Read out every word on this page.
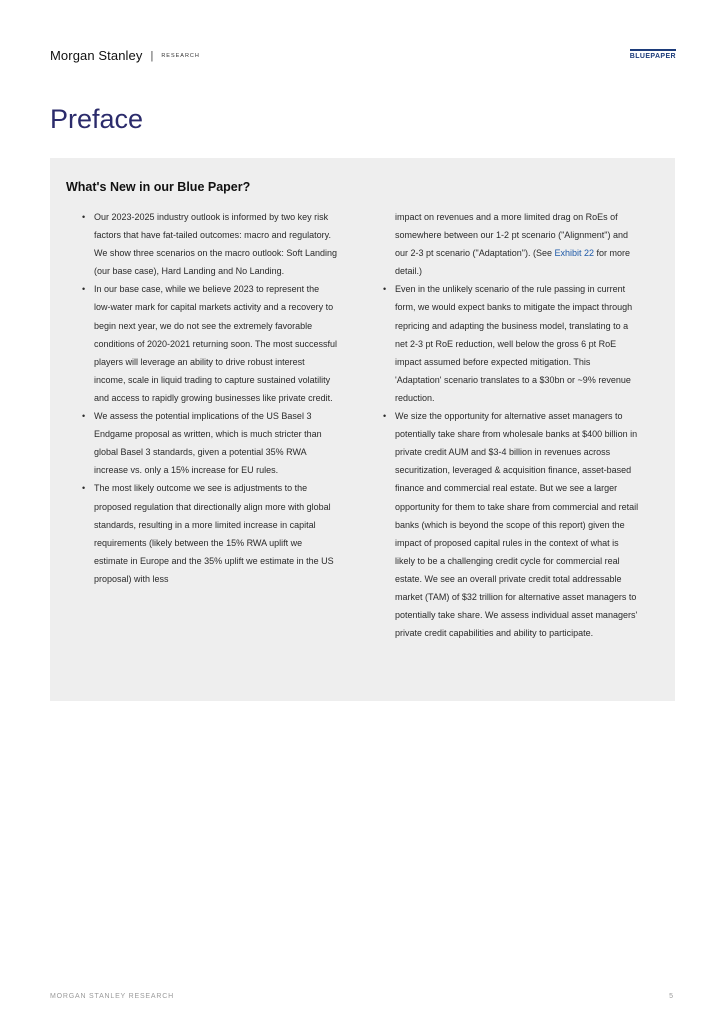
Morgan Stanley | RESEARCH	BLUEPAPER
Preface
What's New in our Blue Paper?
• Our 2023-2025 industry outlook is informed by two key risk factors that have fat-tailed outcomes: macro and regulatory. We show three scenarios on the macro outlook: Soft Landing (our base case), Hard Landing and No Landing.
• In our base case, while we believe 2023 to represent the low-water mark for capital markets activity and a recovery to begin next year, we do not see the extremely favorable conditions of 2020-2021 returning soon. The most successful players will leverage an ability to drive robust interest income, scale in liquid trading to capture sustained volatility and access to rapidly growing businesses like private credit.
• We assess the potential implications of the US Basel 3 Endgame proposal as written, which is much stricter than global Basel 3 standards, given a potential 35% RWA increase vs. only a 15% increase for EU rules.
• The most likely outcome we see is adjustments to the proposed regulation that directionally align more with global standards, resulting in a more limited increase in capital requirements (likely between the 15% RWA uplift we estimate in Europe and the 35% uplift we estimate in the US proposal) with less
impact on revenues and a more limited drag on RoEs of somewhere between our 1-2 pt scenario ("Alignment") and our 2-3 pt scenario ("Adaptation"). (See Exhibit 22 for more detail.)
• Even in the unlikely scenario of the rule passing in current form, we would expect banks to mitigate the impact through repricing and adapting the business model, translating to a net 2-3 pt RoE reduction, well below the gross 6 pt RoE impact assumed before expected mitigation. This 'Adaptation' scenario translates to a $30bn or ~9% revenue reduction.
• We size the opportunity for alternative asset managers to potentially take share from wholesale banks at $400 billion in private credit AUM and $3-4 billion in revenues across securitization, leveraged & acquisition finance, asset-based finance and commercial real estate. But we see a larger opportunity for them to take share from commercial and retail banks (which is beyond the scope of this report) given the impact of proposed capital rules in the context of what is likely to be a challenging credit cycle for commercial real estate. We see an overall private credit total addressable market (TAM) of $32 trillion for alternative asset managers to potentially take share. We assess individual asset managers' private credit capabilities and ability to participate.
MORGAN STANLEY RESEARCH	5
